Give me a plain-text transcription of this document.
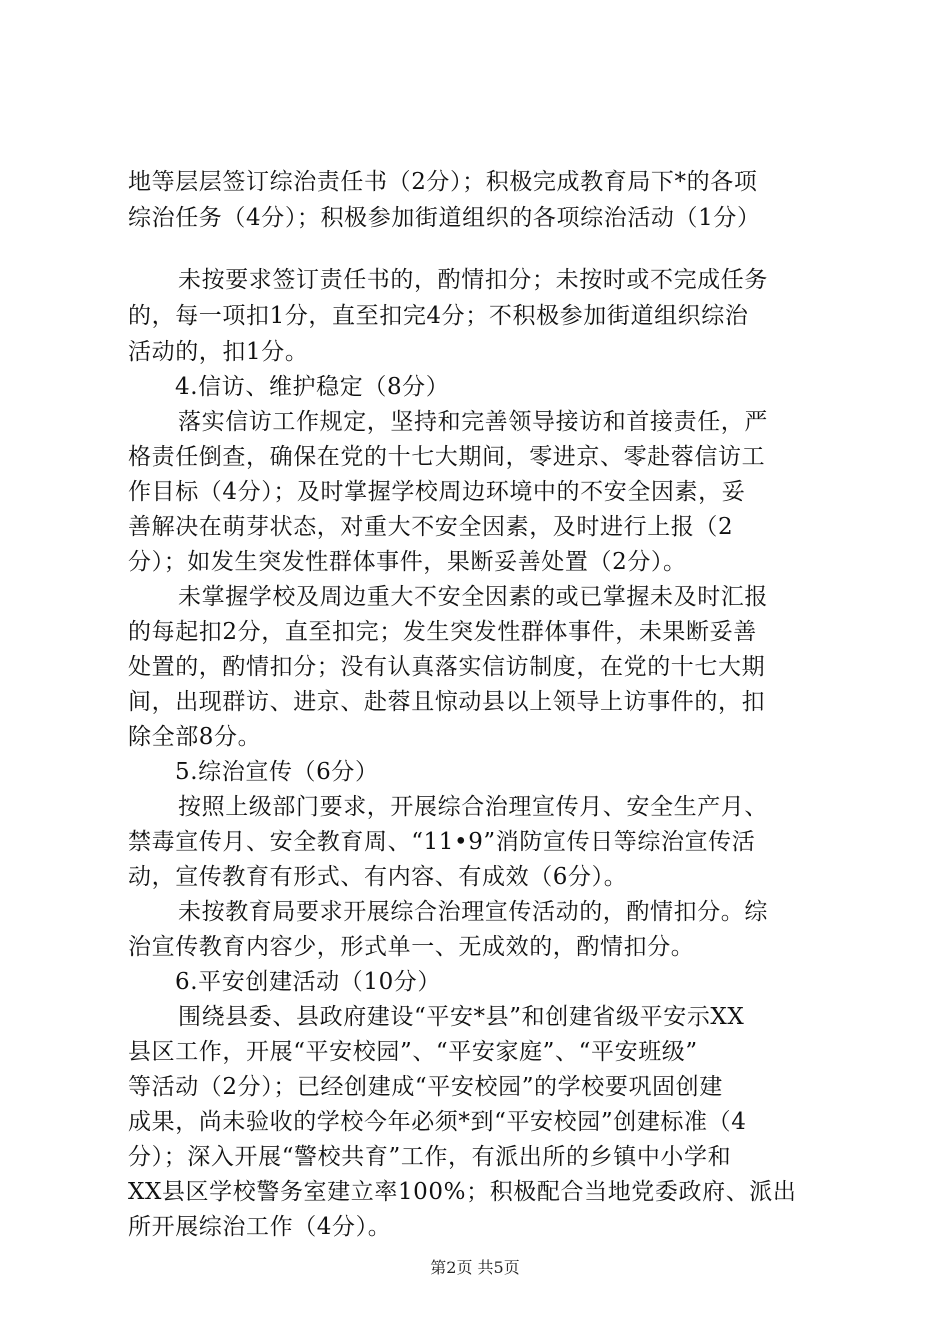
地等层层签订综治责任书（2分）；积极完成教育局下*的各项
综治任务（4分）；积极参加街道组织的各项综治活动（1分）
未按要求签订责任书的，酌情扣分；未按时或不完成任务
的，每一项扣1分，直至扣完4分；不积极参加街道组织综治
活动的，扣1分。
4.信访、维护稳定（8分）
落实信访工作规定，坚持和完善领导接访和首接责任，严
格责任倒查，确保在党的十七大期间，零进京、零赴蓉信访工
作目标（4分）；及时掌握学校周边环境中的不安全因素，妥
善解决在萌芽状态，对重大不安全因素，及时进行上报（2
分）；如发生突发性群体事件，果断妥善处置（2分）。
未掌握学校及周边重大不安全因素的或已掌握未及时汇报
的每起扣2分，直至扣完；发生突发性群体事件，未果断妥善
处置的，酌情扣分；没有认真落实信访制度，在党的十七大期
间，出现群访、进京、赴蓉且惊动县以上领导上访事件的，扣
除全部8分。
5.综治宣传（6分）
按照上级部门要求，开展综合治理宣传月、安全生产月、
禁毒宣传月、安全教育周、“11•9”消防宣传日等综治宣传活
动，宣传教育有形式、有内容、有成效（6分）。
未按教育局要求开展综合治理宣传活动的，酌情扣分。综
治宣传教育内容少，形式单一、无成效的，酌情扣分。
6.平安创建活动（10分）
围绕县委、县政府建设“平安*县”和创建省级平安示XX
县区工作，开展“平安校园”、“平安家庭”、“平安班级”
等活动（2分）；已经创建成“平安校园”的学校要巩固创建
成果，尚未验收的学校今年必须*到“平安校园”创建标准（4
分）；深入开展“警校共育”工作，有派出所的乡镇中小学和
XX县区学校警务室建立率100%；积极配合当地党委政府、派出
所开展综治工作（4分）。
第2页 共5页
